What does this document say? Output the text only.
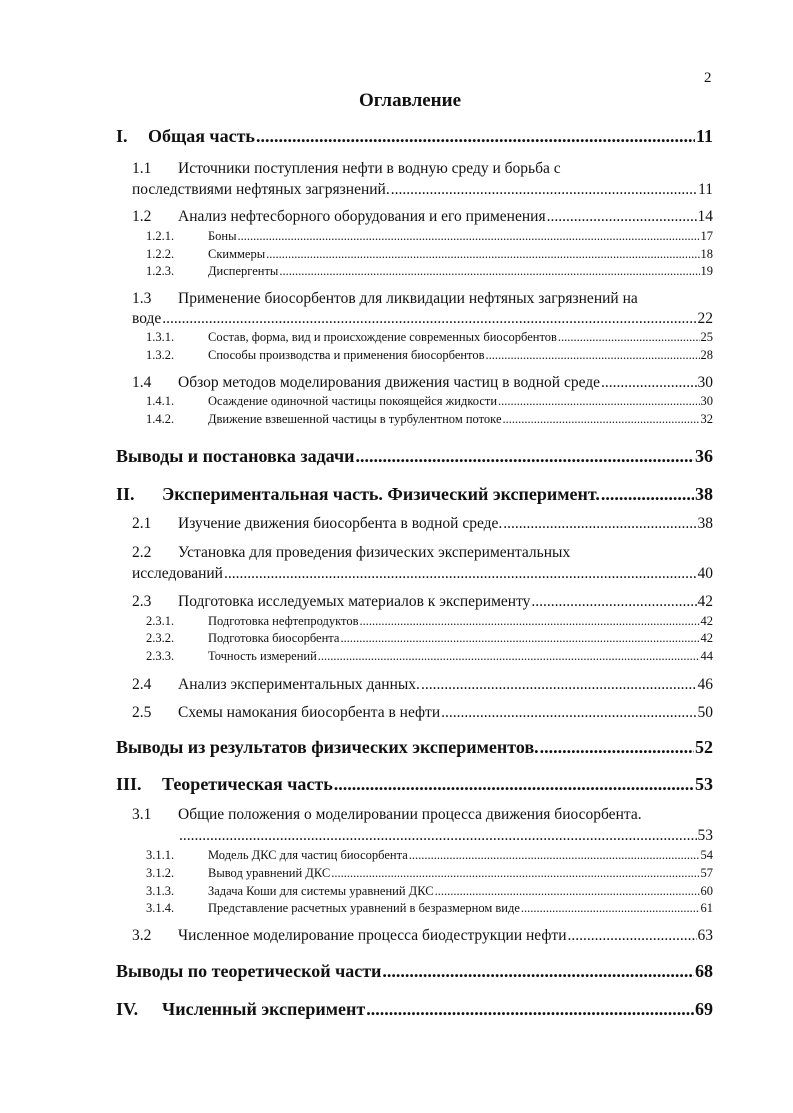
2
Оглавление
I.	Общая часть .....	11
1.1 Источники поступления нефти в водную среду и борьба с
последствиями нефтяных загрязнений. .....	11
1.2	Анализ нефтесборного оборудования и его применения .....	14
1.2.1.	Боны .....	17
1.2.2.	Скиммеры .....	18
1.2.3.	Диспергенты .....	19
1.3 Применение биосорбентов для ликвидации нефтяных загрязнений на
воде .....	22
1.3.1.	Состав, форма, вид и происхождение современных биосорбентов .....	25
1.3.2.	Способы производства и применения биосорбентов .....	28
1.4	Обзор методов моделирования движения частиц в водной среде .....	30
1.4.1.	Осаждение одиночной частицы покоящейся жидкости .....	30
1.4.2.	Движение взвешенной частицы в турбулентном потоке .....	32
Выводы и постановка задачи .....	36
II.	Экспериментальная часть. Физический эксперимент. .....	38
2.1	Изучение движения биосорбента в водной среде. .....	38
2.2 Установка для проведения физических экспериментальных
исследований .....	40
2.3	Подготовка исследуемых материалов к эксперименту .....	42
2.3.1.	Подготовка нефтепродуктов .....	42
2.3.2.	Подготовка биосорбента .....	42
2.3.3.	Точность измерений .....	44
2.4	Анализ экспериментальных данных. .....	46
2.5	Схемы намокания биосорбента в нефти .....	50
Выводы из результатов физических экспериментов. .....	52
III.	Теоретическая часть .....	53
3.1 Общие положения о моделировании процесса движения биосорбента.
.....
53
3.1.1.	Модель ДКС для частиц биосорбента .....	54
3.1.2.	Вывод уравнений ДКС .....	57
3.1.3.	Задача Коши для системы уравнений ДКС .....	60
3.1.4.	Представление расчетных уравнений в безразмерном виде .....	61
3.2	Численное моделирование процесса биодеструкции нефти .....	63
Выводы по теоретической части .....	68
IV.	Численный эксперимент .....	69
